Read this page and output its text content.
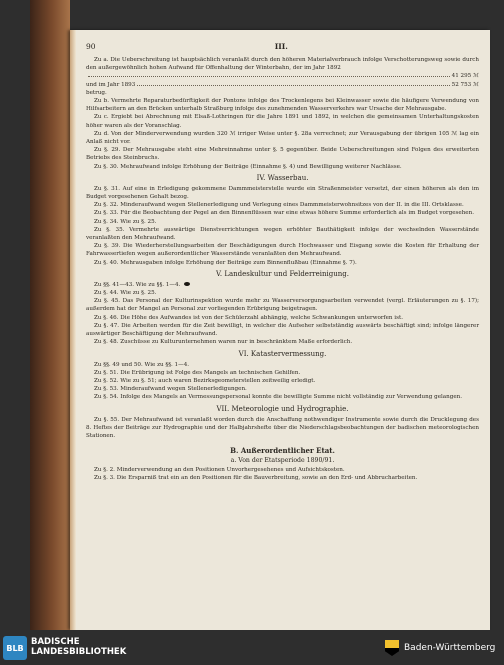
90	III.
Zu a. Die Ueberschreitung ist hauptsächlich veranlaßt durch den höheren Materialverbrauch infolge Verschotterungsweg sowie durch den außergewöhnlich hohen Aufwand für Offenhaltung der Winterbahn, der im Jahr 1892
41 295 ℳ
und im Jahr 1893	52 753 ℳ

betrug.

Zu b. Vermehrte Reparaturbedürftigkeit der Pontons infolge des Trockenlegens bei Kleinwasser sowie die häufigere Verwendung von Hilfsarbeitern an den Brücken unterhalb Straßburg infolge des zunehmenden Wasserverkehrs war Ursache der Mehrausgabe.

Zu c. Ergiebt bei Abrechnung mit Elsaß-Lothringen für die Jahre 1891 und 1892, in welchen die gemeinsamen Unterhaltungskosten höher waren als der Voranschlag.

Zu d. Von der Minderverwendung wurden 320 ℳ irriger Weise unter §. 28a verrechnet; zur Verausgabung der übrigen 105 ℳ lag ein Anlaß nicht vor.

Zu §. 29. Der Mehrausgabe steht eine Mehreinnahme unter §. 5 gegenüber. Beide Ueberschreitungen sind Folgen des erweiterten Betriebs des Steinbruchs.

Zu §. 30. Mehraufwand infolge Erhöhung der Beiträge (Einnahme §. 4) und Bewilligung weiterer Nachlässe.

IV. Wasserbau.

Zu §. 31. Auf eine in Erledigung gekommene Dammmeisterstelle wurde ein Straßenmeister versetzt, der einen höheren als den im Budget vorgesehenen Gehalt bezog.

Zu §. 32. Minderaufwand wegen Stellenerledigung und Verlegung eines Dammmeisterwohnsitzes von der II. in die III. Ortsklasse.

Zu §. 33. Für die Beobachtung der Pegel an den Binnenflüssen war eine etwas höhere Summe erforderlich als im Budget vorgesehen.

Zu §. 34. Wie zu §. 25.

Zu §. 35. Vermehrte auswärtige Dienstverrichtungen wegen erhöhter Bauthätigkeit infolge der wechselnden Wasserstände veranlaßten den Mehraufwand.

Zu §. 39. Die Wiederherstellungsarbeiten der Beschädigungen durch Hochwasser und Eisgang sowie die Kosten für Erhaltung der Fahrwassertiefen wegen außerordentlicher Wasserstände veranlaßten den Mehraufwand.

Zu §. 40. Mehrausgaben infolge Erhöhung der Beiträge zum Binnenflußbau (Einnahme §. 7).

V. Landeskultur und Felderreinigung.

Zu §§. 41—43. Wie zu §§. 1—4.

Zu §. 44. Wie zu §. 25.

Zu §. 45. Das Personal der Kulturinspektion wurde mehr zu Wasserversorgungsarbeiten verwendet (vergl. Erläuterungen zu §. 17); außerdem hat der Mangel an Personal zur vorliegenden Erübrigung beigetragen.

Zu §. 46. Die Höhe des Aufwandes ist von der Schülerzahl abhängig, welche Schwankungen unterworfen ist.

Zu §. 47. Die Arbeiten werden für die Zeit bewilligt, in welcher die Aufseher selbstständig auswärts beschäftigt sind; infolge längerer auswärtiger Beschäftigung der Mehraufwand.

Zu §. 48. Zuschüsse zu Kulturunternehmen waren nur in beschränktem Maße erforderlich.

VI. Katastervermessung.

Zu §§. 49 und 50. Wie zu §§. 1—4.

Zu §. 51. Die Erübrigung ist Folge des Mangels an technischen Gehilfen.

Zu §. 52. Wie zu §. 51; auch waren Bezirksgeometerstellen zeitweilig erledigt.

Zu §. 53. Minderaufwand wegen Stellenerledigungen.

Zu §. 54. Infolge des Mangels an Vermessungspersonal konnte die bewilligte Summe nicht vollständig zur Verwendung gelangen.

VII. Meteorologie und Hydrographie.

Zu §. 55. Der Mehraufwand ist veranlaßt worden durch die Anschaffung nothwendiger Instrumente sowie durch die Drucklegung des 8. Heftes der Beiträge zur Hydrographie und der Halbjahrshefte über die Niederschlagsbeobachtungen der badischen meteorologischen Stationen.

B. Außerordentlicher Etat.
a. Von der Etatsperiode 1890/91.

Zu §. 2. Minderverwendung an den Positionen Unvorhergesehenes und Aufsichtskosten.

Zu §. 3. Die Ersparniß trat ein an den Positionen für die Bauverbreitung, sowie an den Erd- und Abbrucharbeiten.

BLB
BADISCHE
LANDESBIBLIOTHEK	Baden-Württemberg
